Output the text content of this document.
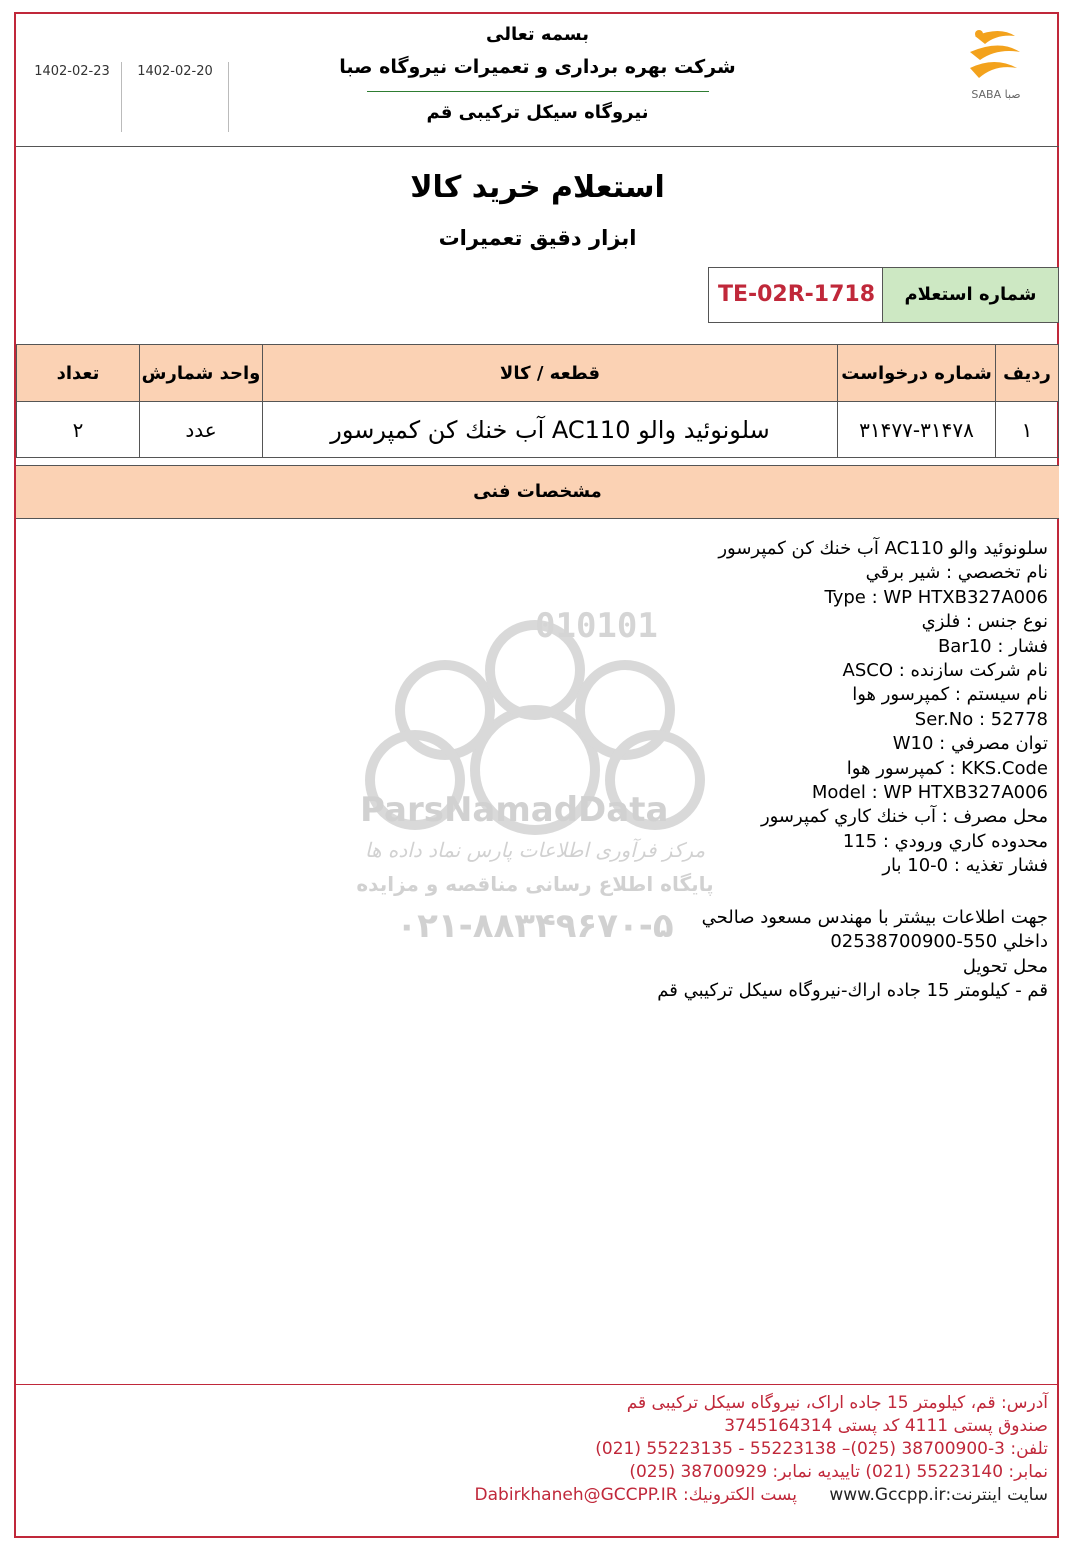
SABA صبا
1402-02-23	1402-02-20
بسمه تعالی
شرکت بهره برداری و تعمیرات نیروگاه صبا
نیروگاه سیکل ترکیبی قم
استعلام خرید کالا
ابزار دقیق تعمیرات
شماره استعلام
TE-02R-1718
ردیف	شماره درخواست	قطعه / کالا	واحد شمارش	تعداد
۱	۳۱۴۷۷-۳۱۴۷۸	سلونوئید والو AC110 آب خنك كن كمپرسور	عدد	۲
مشخصات فنی
010101
ParsNamadData
مرکز فرآوری اطلاعات پارس نماد داده ها
پایگاه اطلاع رسانی مناقصه و مزایده
۰۲۱-۸۸۳۴۹۶۷۰-۵
سلونوئید والو AC110 آب خنك كن كمپرسور
نام تخصصي : شير برقي
Type : WP HTXB327A006
نوع جنس : فلزي
فشار : Bar10
نام شركت سازنده : ASCO
نام سيستم : كمپرسور هوا
Ser.No : 52778
توان مصرفي : W10
KKS.Code : كمپرسور هوا
Model : WP HTXB327A006
محل مصرف : آب خنك كاري كمپرسور
محدوده كاري ورودي : 115
فشار تغذيه : 0-10 بار
جهت اطلاعات بيشتر با مهندس مسعود صالحي
داخلي 550-02538700900
محل تحويل
قم - كيلومتر 15 جاده اراك-نيروگاه سيكل تركيبي قم
آدرس: قم، کیلومتر 15 جاده اراک، نیروگاه سیکل ترکیبی قم
صندوق پستی 4111 کد پستی 3745164314
تلفن: 3-38700900 (025)– 55223138 - 55223135 (021)
نمابر: 55223140 (021) تاییدیه نمابر: 38700929 (025)
سایت اینترنت:www.Gccpp.ir      پست الکترونیك: Dabirkhaneh@GCCPP.IR
